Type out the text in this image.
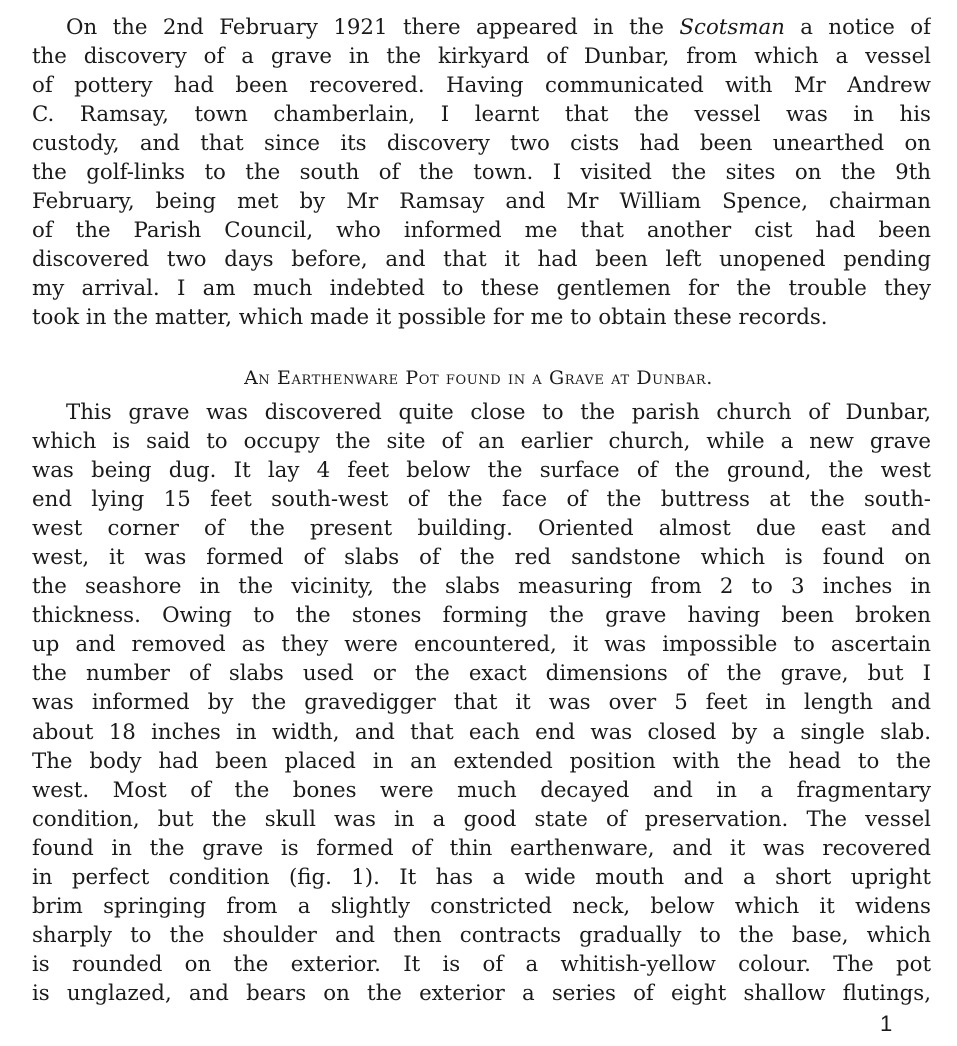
On the 2nd February 1921 there appeared in the Scotsman a notice of
the discovery of a grave in the kirkyard of Dunbar, from which a vessel
of pottery had been recovered. Having communicated with Mr Andrew
C. Ramsay, town chamberlain, I learnt that the vessel was in his
custody, and that since its discovery two cists had been unearthed on
the golf-links to the south of the town. I visited the sites on the 9th
February, being met by Mr Ramsay and Mr William Spence, chairman
of the Parish Council, who informed me that another cist had been
discovered two days before, and that it had been left unopened pending
my arrival. I am much indebted to these gentlemen for the trouble they
took in the matter, which made it possible for me to obtain these records.
An Earthenware Pot found in a Grave at Dunbar.
This grave was discovered quite close to the parish church of Dunbar,
which is said to occupy the site of an earlier church, while a new grave
was being dug. It lay 4 feet below the surface of the ground, the west
end lying 15 feet south-west of the face of the buttress at the south-
west corner of the present building. Oriented almost due east and
west, it was formed of slabs of the red sandstone which is found on
the seashore in the vicinity, the slabs measuring from 2 to 3 inches in
thickness. Owing to the stones forming the grave having been broken
up and removed as they were encountered, it was impossible to ascertain
the number of slabs used or the exact dimensions of the grave, but I
was informed by the gravedigger that it was over 5 feet in length and
about 18 inches in width, and that each end was closed by a single slab.
The body had been placed in an extended position with the head to the
west. Most of the bones were much decayed and in a fragmentary
condition, but the skull was in a good state of preservation. The vessel
found in the grave is formed of thin earthenware, and it was recovered
in perfect condition (fig. 1). It has a wide mouth and a short upright
brim springing from a slightly constricted neck, below which it widens
sharply to the shoulder and then contracts gradually to the base, which
is rounded on the exterior. It is of a whitish-yellow colour. The pot
is unglazed, and bears on the exterior a series of eight shallow flutings,
1
